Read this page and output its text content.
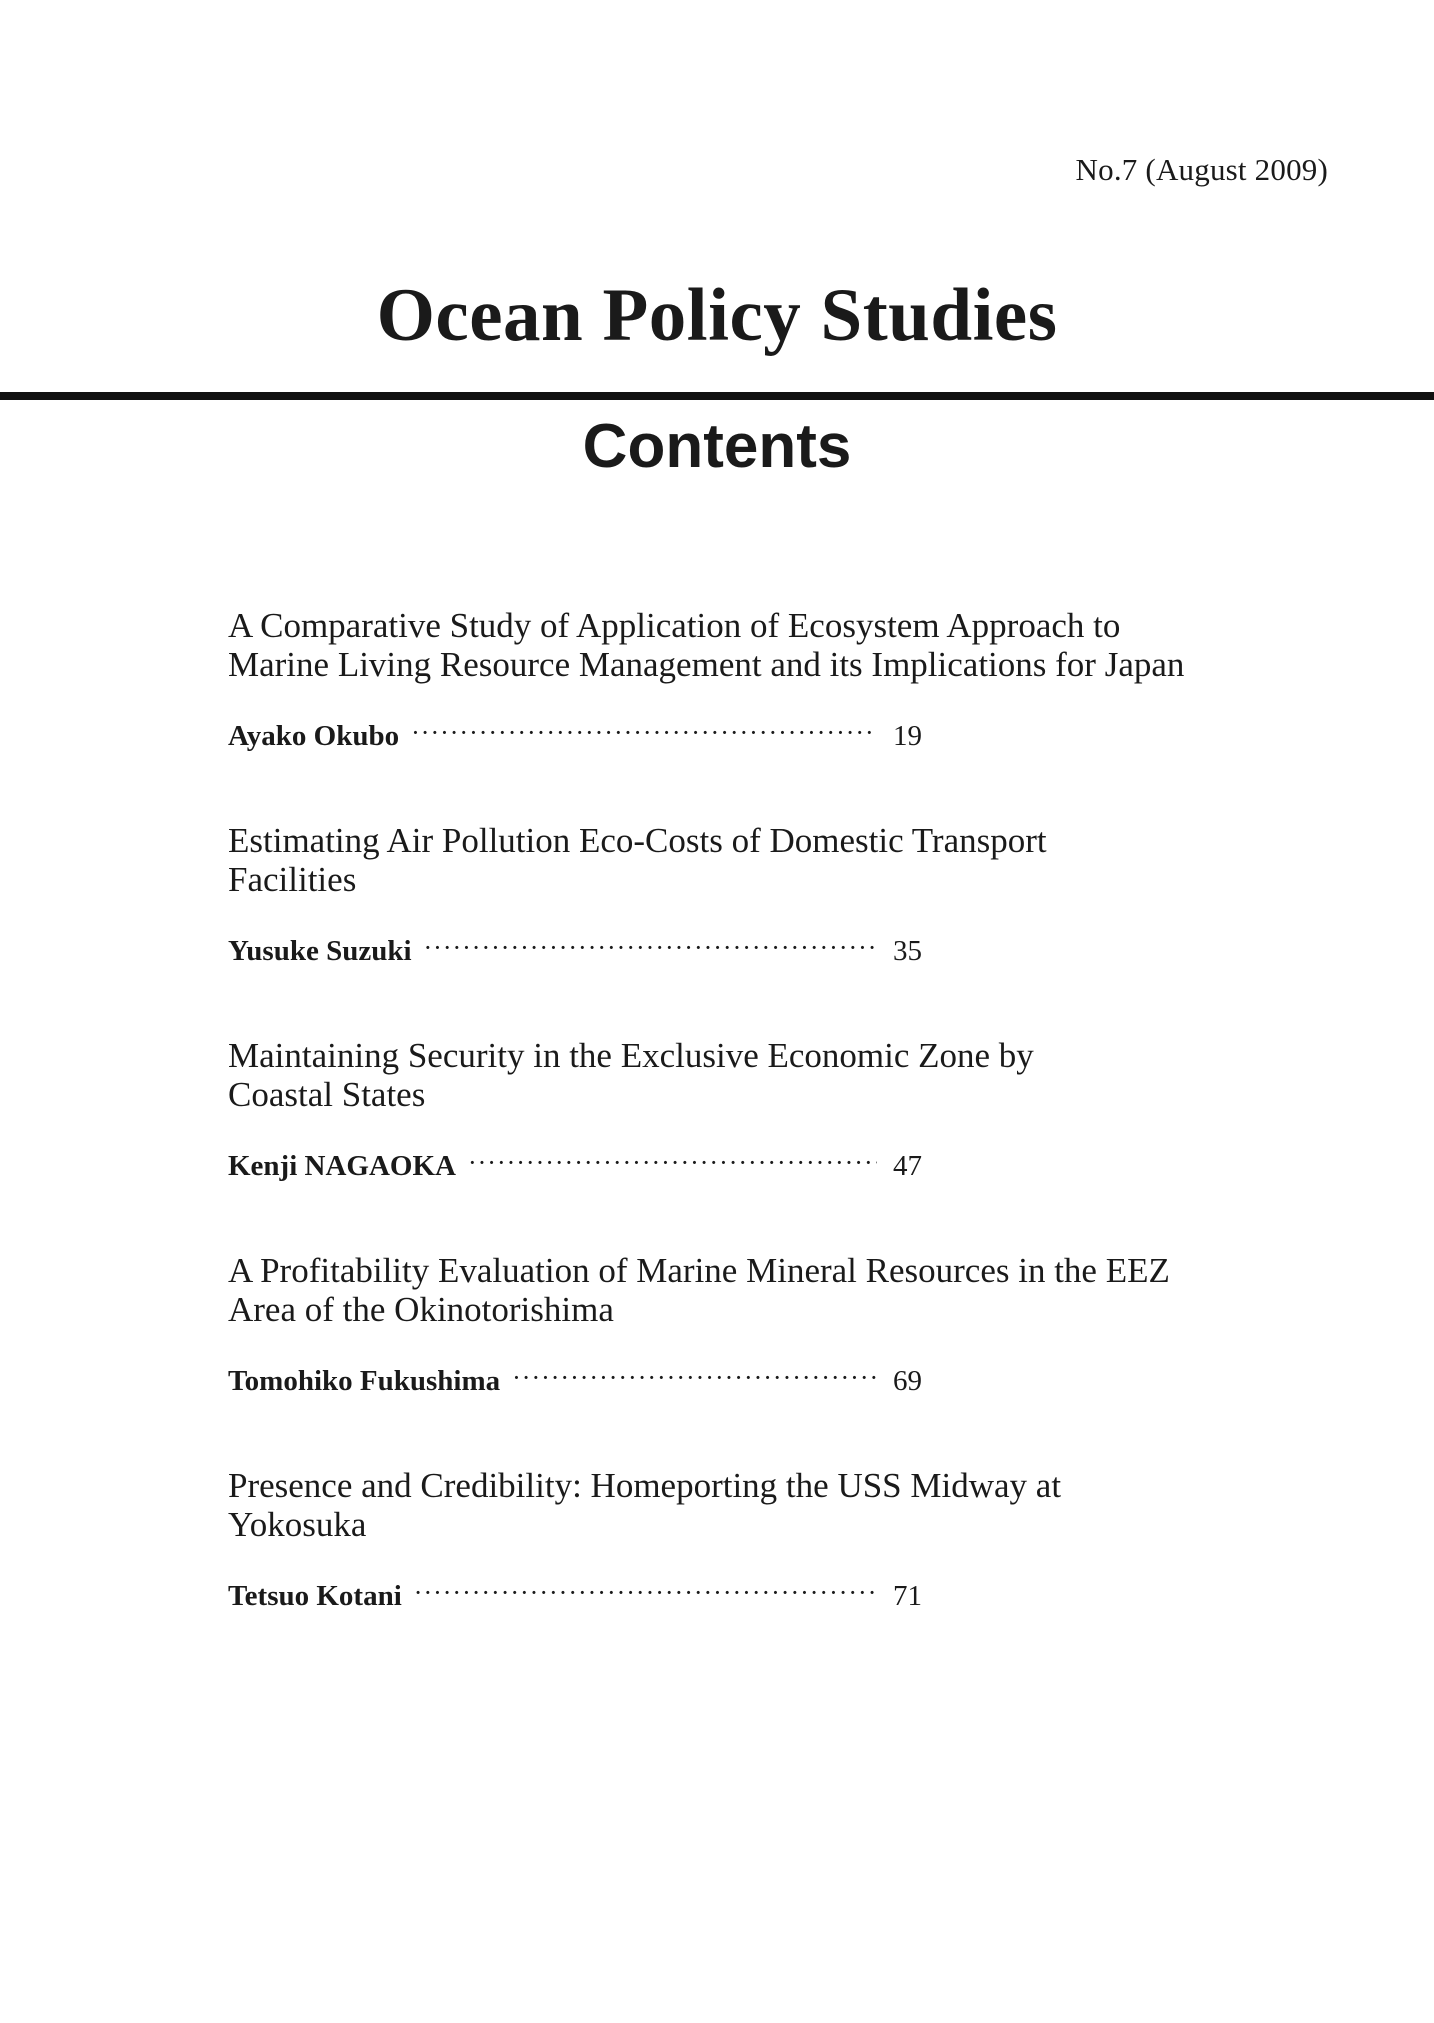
No.7 (August 2009)
Ocean Policy Studies
Contents

A Comparative Study of Application of Ecosystem Approach to Marine Living Resource Management and its Implications for Japan

Ayako Okubo ·····	19

Estimating Air Pollution Eco-Costs of Domestic Transport Facilities

Yusuke Suzuki ·····	35

Maintaining Security in the Exclusive Economic Zone by Coastal States

Kenji NAGAOKA ·····	47

A Profitability Evaluation of Marine Mineral Resources in the EEZ Area of the Okinotorishima

Tomohiko Fukushima ·····	69

Presence and Credibility: Homeporting the USS Midway at Yokosuka

Tetsuo Kotani ·····	71
